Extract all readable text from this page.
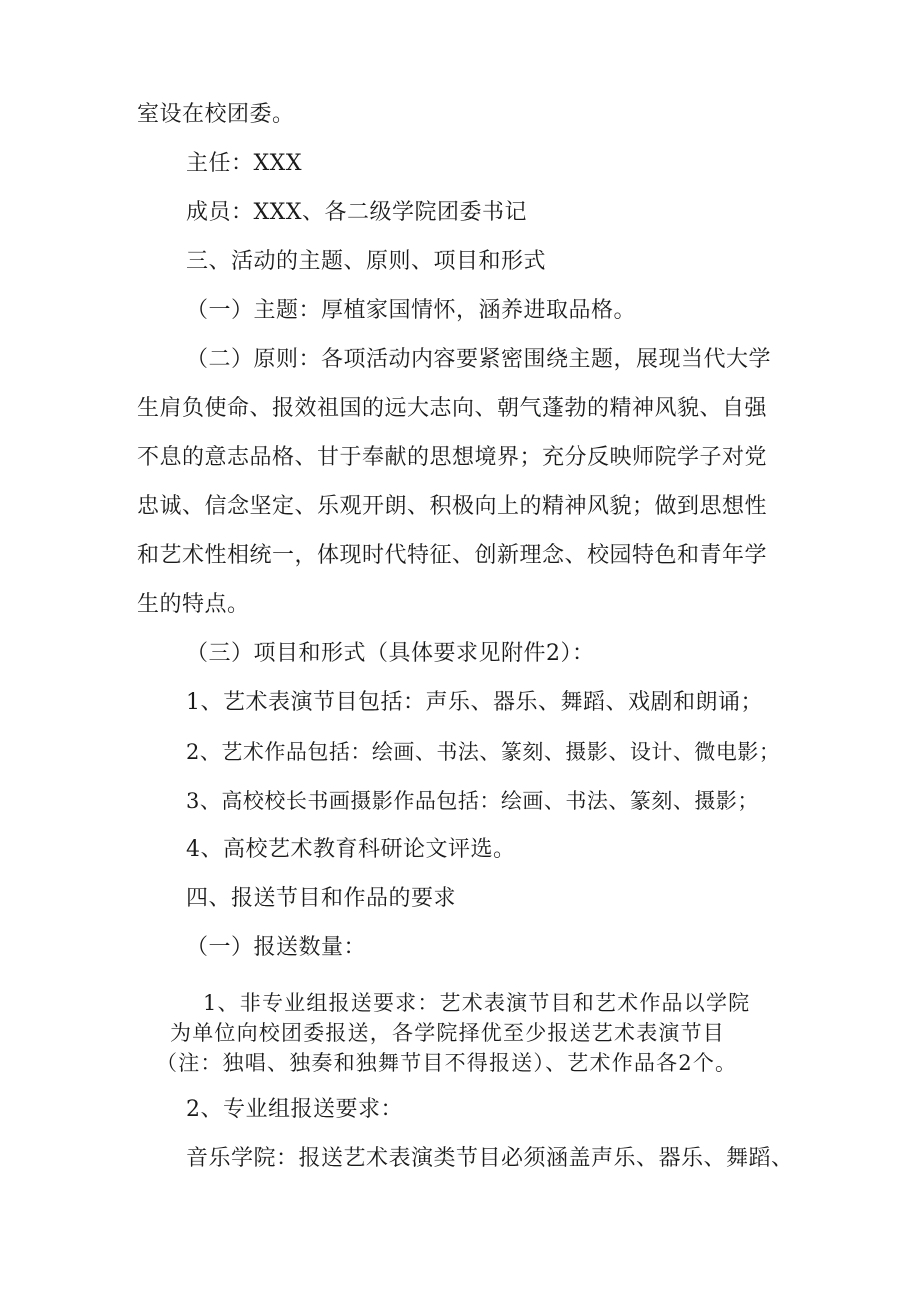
室设在校团委。

主任：XXX

成员：XXX、各二级学院团委书记

三、活动的主题、原则、项目和形式

（一）主题：厚植家国情怀，涵养进取品格。

（二）原则：各项活动内容要紧密围绕主题，展现当代大学

生肩负使命、报效祖国的远大志向、朝气蓬勃的精神风貌、自强

不息的意志品格、甘于奉献的思想境界；充分反映师院学子对党

忠诚、信念坚定、乐观开朗、积极向上的精神风貌；做到思想性

和艺术性相统一，体现时代特征、创新理念、校园特色和青年学

生的特点。

（三）项目和形式（具体要求见附件2）：

1、艺术表演节目包括：声乐、器乐、舞蹈、戏剧和朗诵；

2、艺术作品包括：绘画、书法、篆刻、摄影、设计、微电影；

3、高校校长书画摄影作品包括：绘画、书法、篆刻、摄影；

4、高校艺术教育科研论文评选。

四、报送节目和作品的要求

（一）报送数量：

1、非专业组报送要求：艺术表演节目和艺术作品以学院

为单位向校团委报送，各学院择优至少报送艺术表演节目

（注：独唱、独奏和独舞节目不得报送）、艺术作品各2个。

2、专业组报送要求：

音乐学院：报送艺术表演类节目必须涵盖声乐、器乐、舞蹈、
